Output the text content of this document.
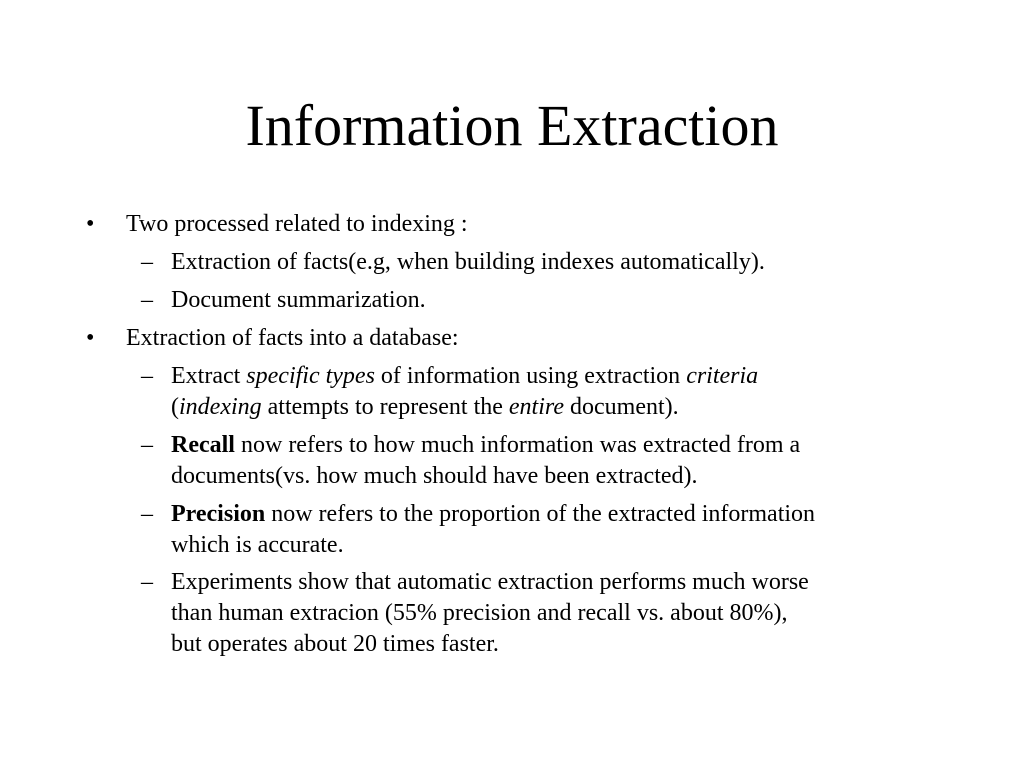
Information Extraction
• Two processed related to indexing :
– Extraction of facts(e.g, when building indexes automatically).
– Document summarization.
• Extraction of facts into a database:
– Extract specific types of information using extraction criteria
(indexing attempts to represent the entire document).
– Recall now refers to how much information was extracted from a
documents(vs. how much should have been extracted).
– Precision now refers to the proportion of the extracted information
which is accurate.
– Experiments show that automatic extraction performs much worse
than human extracion (55% precision and recall vs. about 80%),
but operates about 20 times faster.
